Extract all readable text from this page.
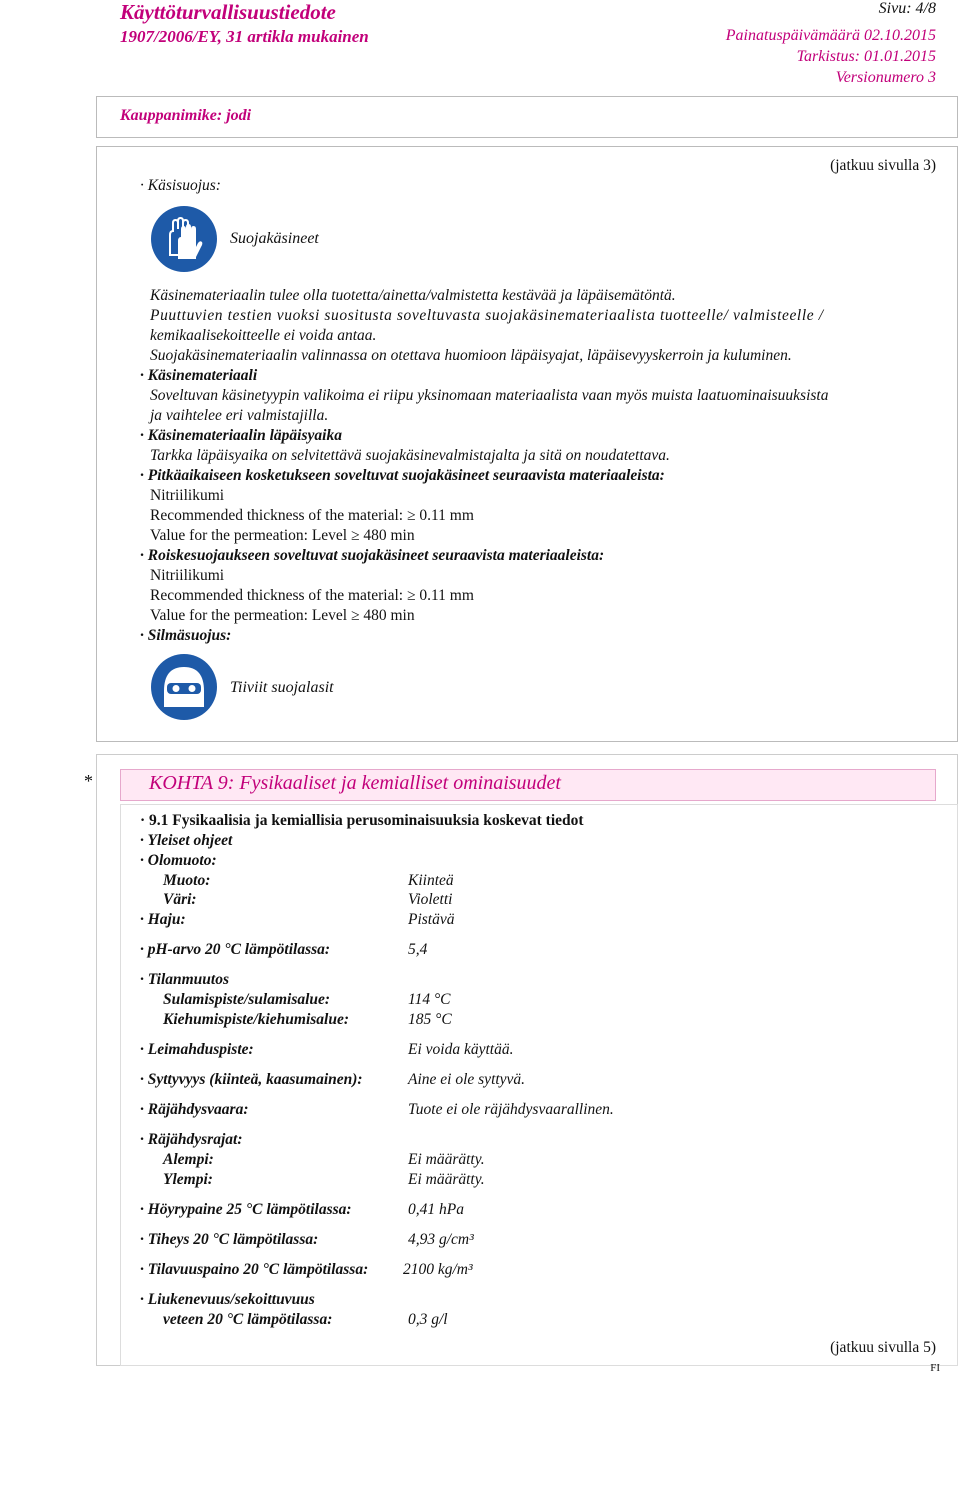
Käyttöturvallisuustiedote
1907/2006/EY, 31 artikla mukainen
Sivu: 4/8
Painatuspäivämäärä 02.10.2015
Tarkistus: 01.01.2015
Versionumero 3
Kauppanimike: jodi
(jatkuu sivulla 3)
· Käsisuojus:
Suojakäsineet
Käsinemateriaalin tulee olla tuotetta/ainetta/valmistetta kestävää ja läpäisemätöntä.
Puuttuvien testien vuoksi suositusta soveltuvasta suojakäsinemateriaalista tuotteelle/ valmisteelle /
kemikaalisekoitteelle ei voida antaa.
Suojakäsinemateriaalin valinnassa on otettava huomioon läpäisyajat, läpäisevyyskerroin ja kuluminen.
· Käsinemateriaali
Soveltuvan käsinetyypin valikoima ei riipu yksinomaan materiaalista vaan myös muista laatuominaisuuksista
ja vaihtelee eri valmistajilla.
· Käsinemateriaalin läpäisyaika
Tarkka läpäisyaika on selvitettävä suojakäsinevalmistajalta ja sitä on noudatettava.
· Pitkäaikaiseen kosketukseen soveltuvat suojakäsineet seuraavista materiaaleista:
Nitriilikumi
Recommended thickness of the material: ≥ 0.11 mm
Value for the permeation: Level ≥ 480 min
· Roiskesuojaukseen soveltuvat suojakäsineet seuraavista materiaaleista:
Nitriilikumi
Recommended thickness of the material: ≥ 0.11 mm
Value for the permeation: Level ≥ 480 min
· Silmäsuojus:
Tiiviit suojalasit
*	KOHTA 9: Fysikaaliset ja kemialliset ominaisuudet
· 9.1 Fysikaalisia ja kemiallisia perusominaisuuksia koskevat tiedot
· Yleiset ohjeet
· Olomuoto:
Muoto:	Kiinteä
Väri:	Violetti
· Haju:	Pistävä
· pH-arvo 20 °C lämpötilassa:	5,4
· Tilanmuutos
Sulamispiste/sulamisalue:	114 °C
Kiehumispiste/kiehumisalue:	185 °C
· Leimahduspiste:	Ei voida käyttää.
· Syttyvyys (kiinteä, kaasumainen):	Aine ei ole syttyvä.
· Räjähdysvaara:	Tuote ei ole räjähdysvaarallinen.
· Räjähdysrajat:
Alempi:	Ei määrätty.
Ylempi:	Ei määrätty.
· Höyrypaine 25 °C lämpötilassa:	0,41 hPa
· Tiheys 20 °C lämpötilassa:	4,93 g/cm³
· Tilavuuspaino 20 °C lämpötilassa: 2100 kg/m³
· Liukenevuus/sekoittuvuus
veteen 20 °C lämpötilassa:	0,3 g/l
(jatkuu sivulla 5)
FI
